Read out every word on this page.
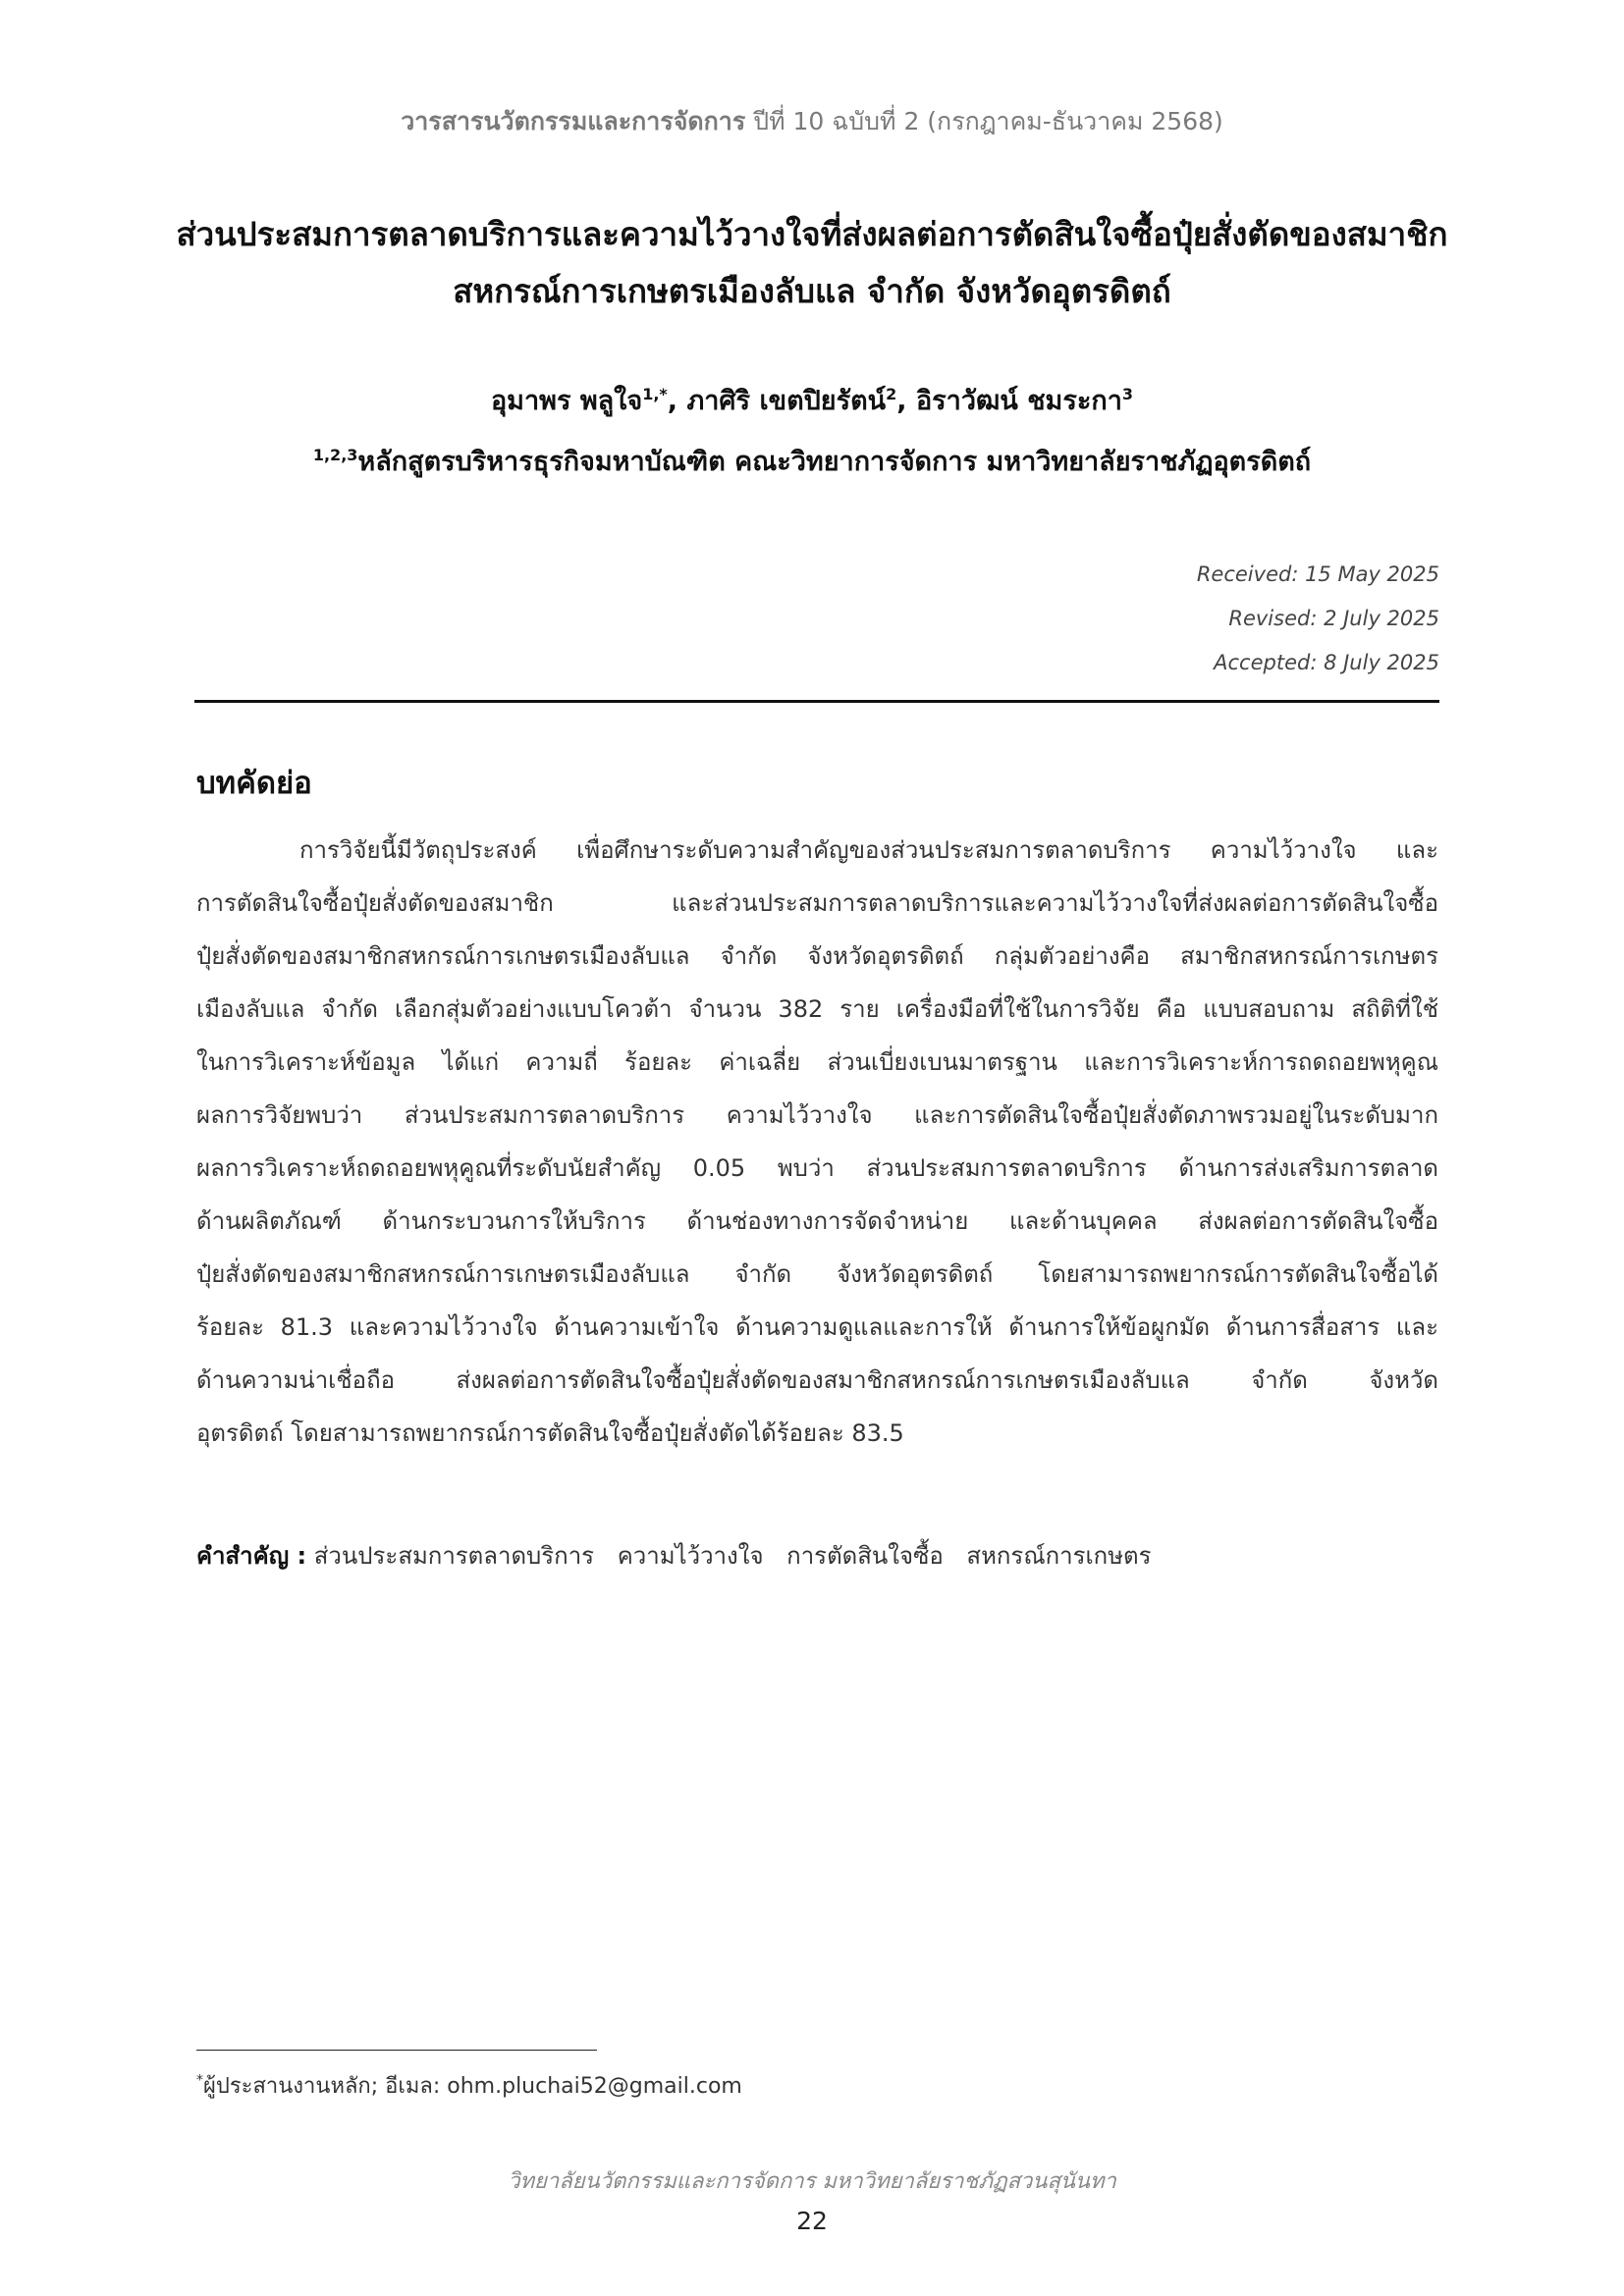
วารสารนวัตกรรมและการจัดการ ปีที่ 10 ฉบับที่ 2 (กรกฎาคม-ธันวาคม 2568)
ส่วนประสมการตลาดบริการและความไว้วางใจที่ส่งผลต่อการตัดสินใจซื้อปุ๋ยสั่งตัดของสมาชิก
สหกรณ์การเกษตรเมืองลับแล จำกัด จังหวัดอุตรดิตถ์
อุมาพร พลูใจ$^{1,*}$, ภาศิริ เขตปิยรัตน์$^2$, อิราวัฒน์ ชมระกา$^3$
$^{1,2,3}$หลักสูตรบริหารธุรกิจมหาบัณฑิต คณะวิทยาการจัดการ มหาวิทยาลัยราชภัฏอุตรดิตถ์
Received: 15 May 2025
Revised: 2 July 2025
Accepted: 8 July 2025
บทคัดย่อ
การวิจัยนี้มีวัตถุประสงค์ เพื่อศึกษาระดับความสำคัญของส่วนประสมการตลาดบริการ ความไว้วางใจ และ
การตัดสินใจซื้อปุ๋ยสั่งตัดของสมาชิก และส่วนประสมการตลาดบริการและความไว้วางใจที่ส่งผลต่อการตัดสินใจซื้อ
ปุ๋ยสั่งตัดของสมาชิกสหกรณ์การเกษตรเมืองลับแล จำกัด จังหวัดอุตรดิตถ์ กลุ่มตัวอย่างคือ สมาชิกสหกรณ์การเกษตร
เมืองลับแล จำกัด เลือกสุ่มตัวอย่างแบบโควต้า จำนวน 382 ราย เครื่องมือที่ใช้ในการวิจัย คือ แบบสอบถาม สถิติที่ใช้
ในการวิเคราะห์ข้อมูล ได้แก่ ความถี่ ร้อยละ ค่าเฉลี่ย ส่วนเบี่ยงเบนมาตรฐาน และการวิเคราะห์การถดถอยพหุคูณ
ผลการวิจัยพบว่า ส่วนประสมการตลาดบริการ ความไว้วางใจ และการตัดสินใจซื้อปุ๋ยสั่งตัดภาพรวมอยู่ในระดับมาก
ผลการวิเคราะห์ถดถอยพหุคูณที่ระดับนัยสำคัญ 0.05 พบว่า ส่วนประสมการตลาดบริการ ด้านการส่งเสริมการตลาด
ด้านผลิตภัณฑ์ ด้านกระบวนการให้บริการ ด้านช่องทางการจัดจำหน่าย และด้านบุคคล ส่งผลต่อการตัดสินใจซื้อ
ปุ๋ยสั่งตัดของสมาชิกสหกรณ์การเกษตรเมืองลับแล จำกัด จังหวัดอุตรดิตถ์ โดยสามารถพยากรณ์การตัดสินใจซื้อได้
ร้อยละ 81.3 และความไว้วางใจ ด้านความเข้าใจ ด้านความดูแลและการให้ ด้านการให้ข้อผูกมัด ด้านการสื่อสาร และ
ด้านความน่าเชื่อถือ ส่งผลต่อการตัดสินใจซื้อปุ๋ยสั่งตัดของสมาชิกสหกรณ์การเกษตรเมืองลับแล จำกัด จังหวัด
อุตรดิตถ์ โดยสามารถพยากรณ์การตัดสินใจซื้อปุ๋ยสั่งตัดได้ร้อยละ 83.5
คำสำคัญ : ส่วนประสมการตลาดบริการ ความไว้วางใจ การตัดสินใจซื้อ สหกรณ์การเกษตร
*ผู้ประสานงานหลัก; อีเมล: ohm.pluchai52@gmail.com
วิทยาลัยนวัตกรรมและการจัดการ มหาวิทยาลัยราชภัฏสวนสุนันทา
22
